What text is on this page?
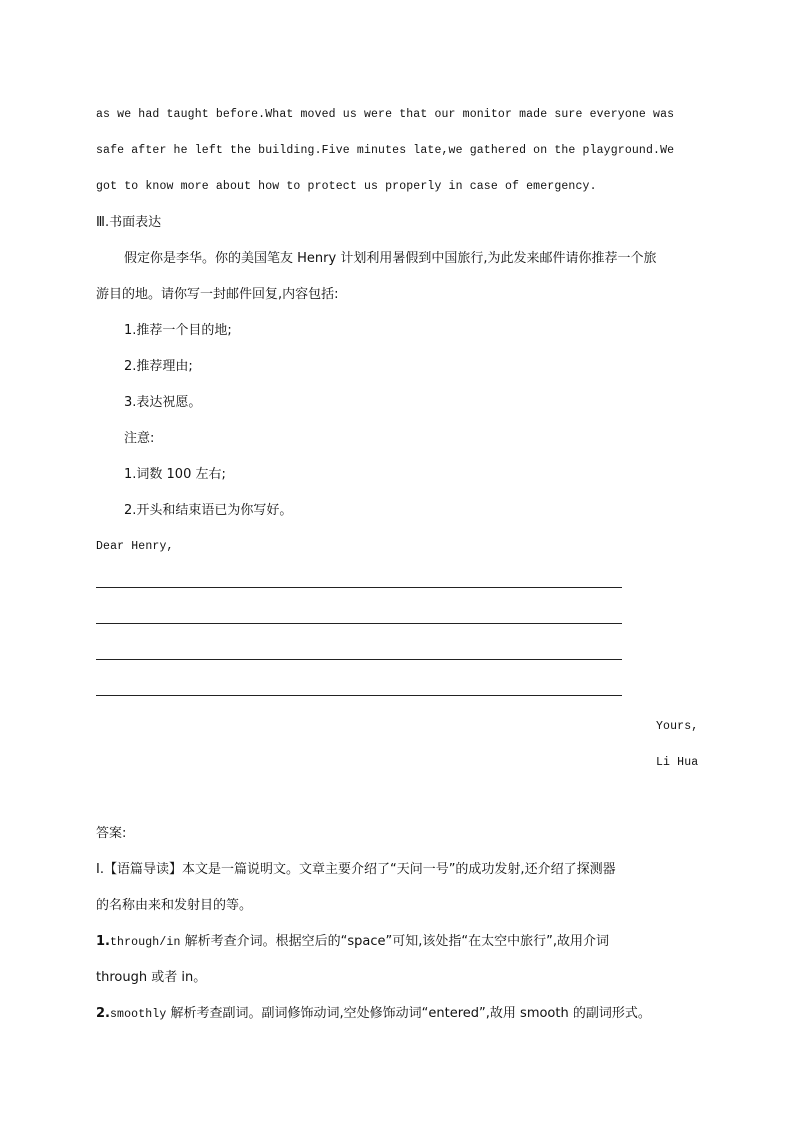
as we had taught before.What moved us were that our monitor made sure everyone was
safe after he left the building.Five minutes late,we gathered on the playground.We
got to know more about how to protect us properly in case of emergency.
Ⅲ.书面表达
假定你是李华。你的美国笔友 Henry 计划利用暑假到中国旅行,为此发来邮件请你推荐一个旅
游目的地。请你写一封邮件回复,内容包括:
1.推荐一个目的地;
2.推荐理由;
3.表达祝愿。
注意:
1.词数 100 左右;
2.开头和结束语已为你写好。
Dear Henry,
Yours,
Li Hua
答案:
Ⅰ.【语篇导读】本文是一篇说明文。文章主要介绍了“天问一号”的成功发射,还介绍了探测器
的名称由来和发射目的等。
1.through/in 解析考查介词。根据空后的“space”可知,该处指“在太空中旅行”,故用介词
through 或者 in。
2.smoothly 解析考查副词。副词修饰动词,空处修饰动词“entered”,故用 smooth 的副词形式。
